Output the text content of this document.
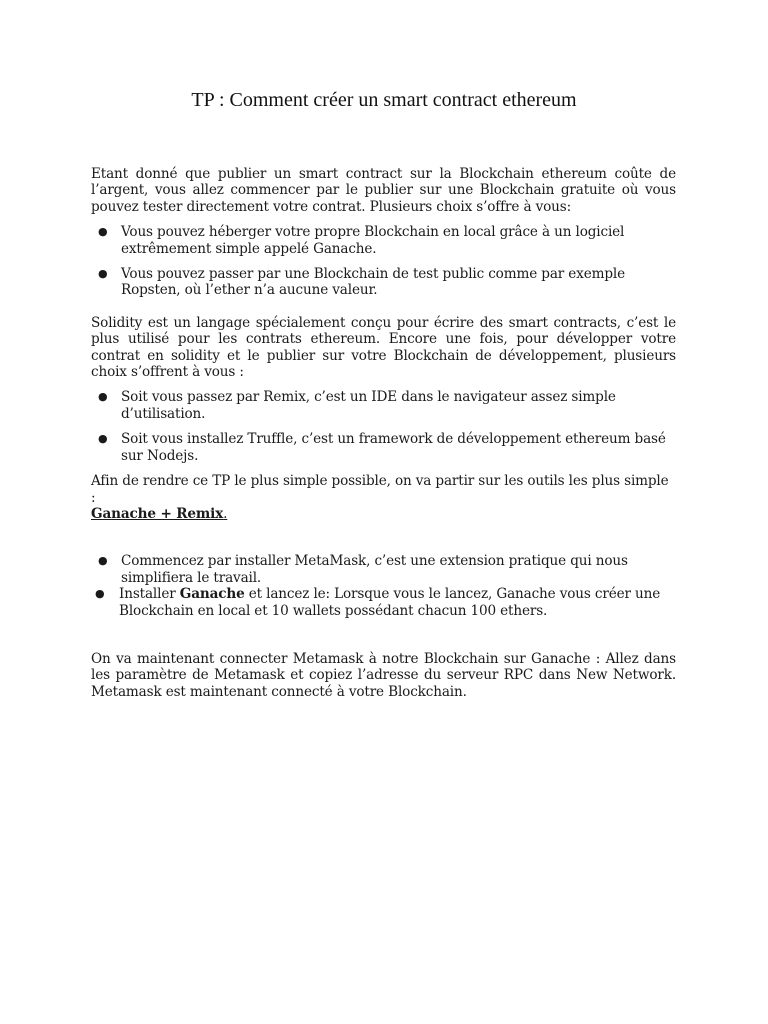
TP : Comment créer un smart contract ethereum

Etant donné que publier un smart contract sur la Blockchain ethereum coûte de l’argent, vous allez commencer par le publier sur une Blockchain gratuite où vous pouvez tester directement votre contrat. Plusieurs choix s’offre à vous:

● Vous pouvez héberger votre propre Blockchain en local grâce à un logiciel extrêmement simple appelé Ganache.
● Vous pouvez passer par une Blockchain de test public comme par exemple Ropsten, où l’ether n’a aucune valeur.

Solidity est un langage spécialement conçu pour écrire des smart contracts, c’est le plus utilisé pour les contrats ethereum. Encore une fois, pour développer votre contrat en solidity et le publier sur votre Blockchain de développement, plusieurs choix s’offrent à vous :

● Soit vous passez par Remix, c’est un IDE dans le navigateur assez simple d’utilisation.
● Soit vous installez Truffle, c’est un framework de développement ethereum basé sur Nodejs.

Afin de rendre ce TP le plus simple possible, on va partir sur les outils les plus simple :
Ganache + Remix.

● Commencez par installer MetaMask, c’est une extension pratique qui nous simplifiera le travail.
● Installer Ganache et lancez le: Lorsque vous le lancez, Ganache vous créer une Blockchain en local et 10 wallets possédant chacun 100 ethers.

On va maintenant connecter Metamask à notre Blockchain sur Ganache : Allez dans les paramètre de Metamask et copiez l’adresse du serveur RPC dans New Network. Metamask est maintenant connecté à votre Blockchain.
